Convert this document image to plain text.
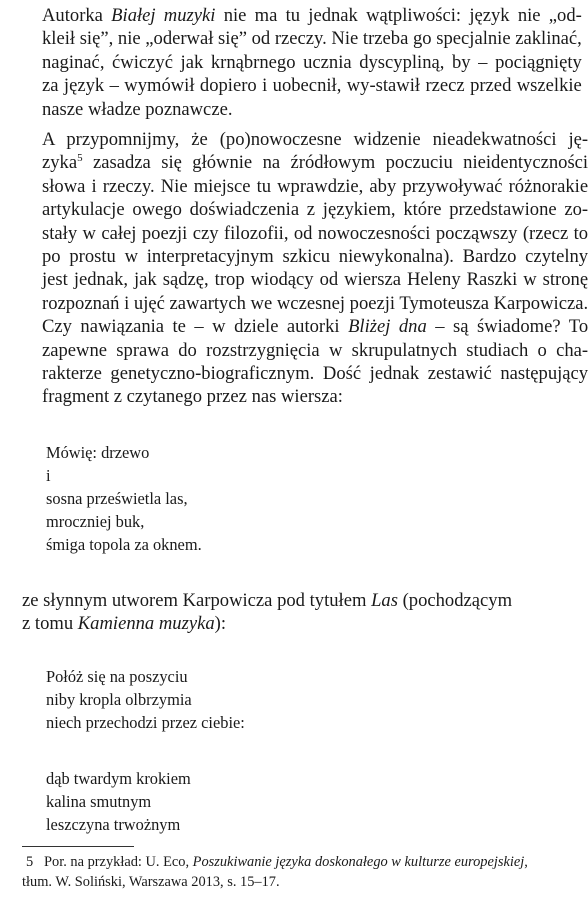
Autorka Białej muzyki nie ma tu jednak wątpliwości: język nie „od-
kleił się”, nie „oderwał się” od rzeczy. Nie trzeba go specjalnie zaklinać,
naginać, ćwiczyć jak krnąbrnego ucznia dyscypliną, by – pociągnięty
za język – wymówił dopiero i uobecnił, wy-stawił rzecz przed wszelkie
nasze władze poznawcze.
A przypomnijmy, że (po)nowoczesne widzenie nieadekwatności ję-
zyka$^5$ zasadza się głównie na źródłowym poczuciu nieidentyczności
słowa i rzeczy. Nie miejsce tu wprawdzie, aby przywoływać różnorakie
artykulacje owego doświadczenia z językiem, które przedstawione zo-
stały w całej poezji czy filozofii, od nowoczesności począwszy (rzecz to
po prostu w interpretacyjnym szkicu niewykonalna). Bardzo czytelny
jest jednak, jak sądzę, trop wiodący od wiersza Heleny Raszki w stronę
rozpoznań i ujęć zawartych we wczesnej poezji Tymoteusza Karpowicza.
Czy nawiązania te – w dziele autorki Bliżej dna – są świadome? To
zapewne sprawa do rozstrzygnięcia w skrupulatnych studiach o cha-
rakterze genetyczno-biograficznym. Dość jednak zestawić następujący
fragment z czytanego przez nas wiersza:
Mówię: drzewo
i
sosna prześwietla las,
mroczniej buk,
śmiga topola za oknem.
ze słynnym utworem Karpowicza pod tytułem Las (pochodzącym
z tomu Kamienna muzyka):
Połóż się na poszyciu
niby kropla olbrzymia
niech przechodzi przez ciebie:
dąb twardym krokiem
kalina smutnym
leszczyna trwożnym
5 Por. na przykład: U. Eco, Poszukiwanie języka doskonałego w kulturze europejskiej,
tłum. W. Soliński, Warszawa 2013, s. 15–17.
